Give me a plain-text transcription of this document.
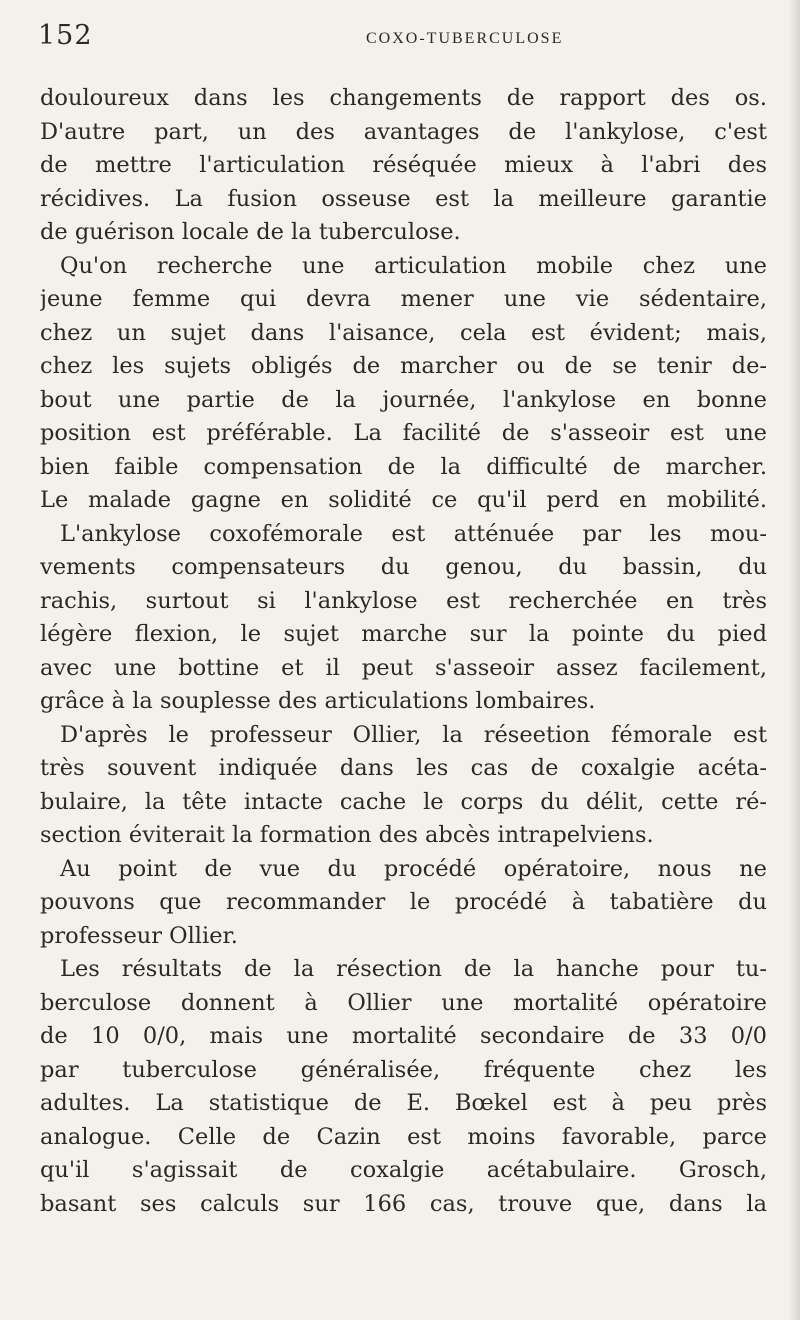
152	COXO-TUBERCULOSE
douloureux dans les changements de rapport des os.
D'autre part, un des avantages de l'ankylose, c'est
de mettre l'articulation réséquée mieux à l'abri des
récidives. La fusion osseuse est la meilleure garantie
de guérison locale de la tuberculose.
Qu'on recherche une articulation mobile chez une
jeune femme qui devra mener une vie sédentaire,
chez un sujet dans l'aisance, cela est évident; mais,
chez les sujets obligés de marcher ou de se tenir de-
bout une partie de la journée, l'ankylose en bonne
position est préférable. La facilité de s'asseoir est une
bien faible compensation de la difficulté de marcher.
Le malade gagne en solidité ce qu'il perd en mobilité.
L'ankylose coxofémorale est atténuée par les mou-
vements compensateurs du genou, du bassin, du
rachis, surtout si l'ankylose est recherchée en très
légère flexion, le sujet marche sur la pointe du pied
avec une bottine et il peut s'asseoir assez facilement,
grâce à la souplesse des articulations lombaires.
D'après le professeur Ollier, la réseetion fémorale est
très souvent indiquée dans les cas de coxalgie acéta-
bulaire, la tête intacte cache le corps du délit, cette ré-
section éviterait la formation des abcès intrapelviens.
Au point de vue du procédé opératoire, nous ne
pouvons que recommander le procédé à tabatière du
professeur Ollier.
Les résultats de la résection de la hanche pour tu-
berculose donnent à Ollier une mortalité opératoire
de 10 0/0, mais une mortalité secondaire de 33 0/0
par tuberculose généralisée, fréquente chez les
adultes. La statistique de E. Bœkel est à peu près
analogue. Celle de Cazin est moins favorable, parce
qu'il s'agissait de coxalgie acétabulaire. Grosch,
basant ses calculs sur 166 cas, trouve que, dans la
